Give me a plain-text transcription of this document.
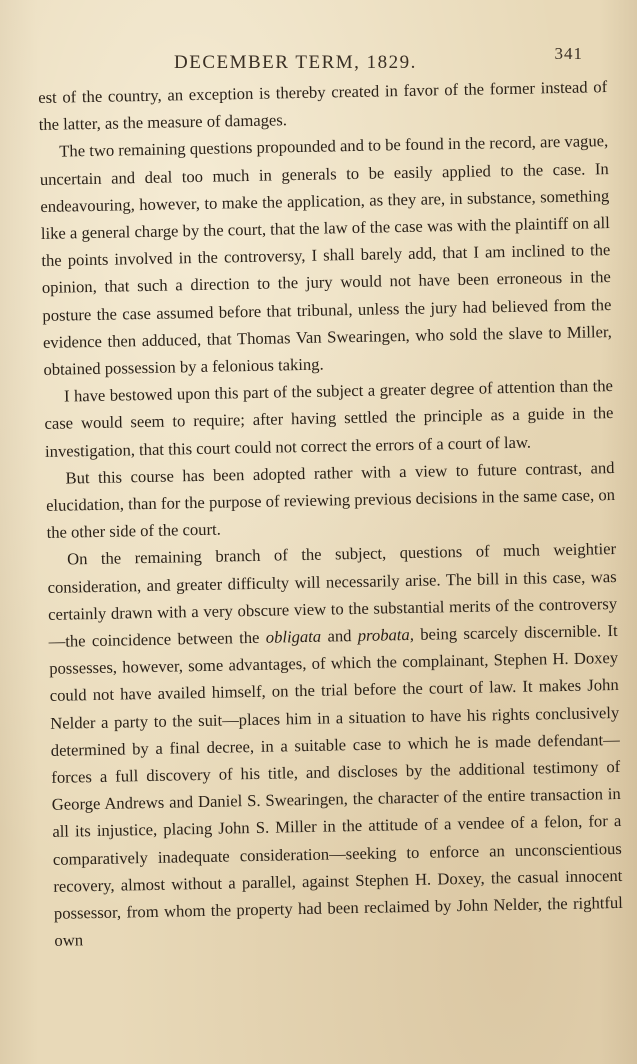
DECEMBER TERM, 1829.	341

est of the country, an exception is thereby created in favor of the former instead of the latter, as the measure of damages.

The two remaining questions propounded and to be found in the record, are vague, uncertain and deal too much in generals to be easily applied to the case. In endeavouring, however, to make the application, as they are, in substance, something like a general charge by the court, that the law of the case was with the plaintiff on all the points involved in the controversy, I shall barely add, that I am inclined to the opinion, that such a direction to the jury would not have been erroneous in the posture the case assumed before that tribunal, unless the jury had believed from the evidence then adduced, that Thomas Van Swearingen, who sold the slave to Miller, obtained possession by a felonious taking.

I have bestowed upon this part of the subject a greater degree of attention than the case would seem to require; after having settled the principle as a guide in the investigation, that this court could not correct the errors of a court of law.

But this course has been adopted rather with a view to future contrast, and elucidation, than for the purpose of reviewing previous decisions in the same case, on the other side of the court.

On the remaining branch of the subject, questions of much weightier consideration, and greater difficulty will necessarily arise. The bill in this case, was certainly drawn with a very obscure view to the substantial merits of the controversy—the coincidence between the obligata and probata, being scarcely discernible. It possesses, however, some advantages, of which the complainant, Stephen H. Doxey could not have availed himself, on the trial before the court of law. It makes John Nelder a party to the suit—places him in a situation to have his rights conclusively determined by a final decree, in a suitable case to which he is made defendant—forces a full discovery of his title, and discloses by the additional testimony of George Andrews and Daniel S. Swearingen, the character of the entire transaction in all its injustice, placing John S. Miller in the attitude of a vendee of a felon, for a comparatively inadequate consideration—seeking to enforce an unconscientious recovery, almost without a parallel, against Stephen H. Doxey, the casual innocent possessor, from whom the property had been reclaimed by John Nelder, the rightful own
